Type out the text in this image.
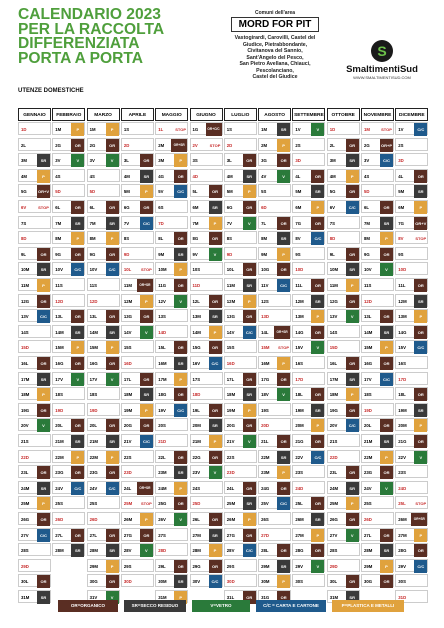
CALENDARIO 2023
PER LA RACCOLTA
DIFFERENZIATA
PORTA A PORTA
UTENZE DOMESTICHE
Comuni dell'area
MORD FOR PIT
Vastogirardi, Carovilli, Castel del
Giudice, Pietrabbondante,
Civitanova del Sannio,
Sant'Angelo del Pesco,
San Pietro Avellana, Chiauci,
Pescolanciano,
Castel del Giudice
S
SmaltimentiSud
WWW.SMALTIMENTISUD.COM
GENNAIO
1D
2L
3M	SR
4M	P
5G	OR+V
6V	STOP
7S
8D
9L	OR
10M	SR
11M	P
12G	OR
13V	C/C
14S
15D
16L	OR
17M	SR
18M	P
19G	OR
20V	V
21S
22D
23L	OR
24M	SR
25M	P
26G	OR
27V	C/C
28S
29D
30L	OR
31M	SR
FEBBRAIO
1M	P
2G	OR
3V	V
4S
5D
6L	OR
7M	SR
8M	P
9G	OR
10V	C/C
11S
12D
13L	OR
14M	SR
15M	P
16G	OR
17V	V
18S
19D
20L	OR
21M	SR
22M	P
23G	OR
24V	C/C
25S
26D
27L	OR
28M	SR
MARZO
1M	P
2G	OR
3V	V
4S
5D
6L	OR
7M	SR
8M	P
9G	OR
10V	C/C
11S
12D
13L	OR
14M	SR
15M	P
16G	OR
17V	V
18S
19D
20L	OR
21M	SR
22M	P
23G	OR
24V	C/C
25S
26D
27L	OR
28M	SR
29M	P
30G	OR
31V	V
APRILE
1S
2D
3L	OR
4M	SR
5M	P
6G	OR
7V	C/C
8S
9D
10L STOP
11M	OR+SR
12M	P
13G	OR
14V	V
15S
16D
17L	OR
18M	SR
19M	P
20G	OR
21V	C/C
22S
23D
24L	OR+SR
25M STOP
26M	P
27G	OR
28V	V
29S
30D
MAGGIO
1L	STOP
2M	OR+SR
3M	P
4G	OR
5V	C/C
6S
7D
8L	OR
9M	SR
10M	P
11G	OR
12V	V
13S
14D
15L	OR
16M	SR
17M	P
18G	OR
19V	C/C
20S
21D
22L	OR
23M	SR
24M	P
25G	OR
26V	V
27S
28D
29L	OR
30M	SR
31M	P
GIUGNO
1G	OR+C/C
2V	STOP
3S
4D
5L	OR
6M	SR
7M	P
8G	OR
9V	V
10S
11D
12L	OR
13M	SR
14M	P
15G	OR
16V	C/C
17S
18D
19L	OR
20M	SR
21M	P
22G	OR
23V	V
24S
25D
26L	OR
27M	SR
28M	P
29G	OR
30V	C/C
LUGLIO
1S
2D
3L	OR
4M	SR
5M	P
6G	OR
7V	V
8S
9D
10L	OR
11M	SR
12M	P
13G	OR
14V	C/C
15S
16D
17L	OR
18M	SR
19M	P
20G	OR
21V	V
22S
23D
24L	OR
25M	SR
26M	P
27G	OR
28V	C/C
29S
30D
31L	OR
AGOSTO
1M	SR
2M	P
3G	OR
4V	V
5S
6D
7L	OR
8M	SR
9M	P
10G	OR
11V	C/C
12S
13D
14L	OR+SR
15M STOP
16M	P
17G	OR
18V	V
19S
20D
21L	OR
22M	SR
23M	P
24G	OR
25V	C/C
26S
27D
28L	OR
29M	SR
30M	P
31G	OR
SETTEMBRE
1V	V
2S
3D
4L	OR
5M	SR
6M	P
7G	OR
8V	C/C
9S
10D
11L	OR
12M	SR
13M	P
14G	OR
15V	V
16S
17D
18L	OR
19M	SR
20M	P
21G	OR
22V	C/C
23S
24D
25L	OR
26M	SR
27M	P
28G	OR
29V	V
30S
OTTOBRE
1D
2L	OR
3M	SR
4M	P
5G	OR
6V	C/C
7S
8D
9L	OR
10M	SR
11M	P
12G	OR
13V	V
14S
15D
16L	OR
17M	SR
18M	P
19G	OR
20V	C/C
21S
22D
23L	OR
24M	SR
25M	P
26G	OR
27V	V
28S
29D
30L	OR
31M	SR
NOVEMBRE
1M	STOP
2G	OR+P
3V	C/C
4S
5D
6L	OR
7M	SR
8M	P
9G	OR
10V	V
11S
12D
13L	OR
14M	SR
15M	P
16G	OR
17V	C/C
18S
19D
20L	OR
21M	SR
22M	P
23G	OR
24V	V
25S
26D
27L	OR
28M	SR
29M	P
30G	OR
DICEMBRE
1V	C/C
2S
3D
4L	OR
5M	SR
6M	P
7G	OR+V
8V	STOP
9S
10D
11L	OR
12M	SR
13M	P
14G	OR
15V	C/C
16S
17D
18L	OR
19M	SR
20M	P
21G	OR
22V	V
23S
24D
25L STOP
26M	OR+SR
27M	P
28G	OR
29V	C/C
30S
31D
OR=ORGANICO	SR=SECCO RESIDUO	V=VETRO	C/C = CARTA E CARTONE	P=PLASTICA E METALLI
